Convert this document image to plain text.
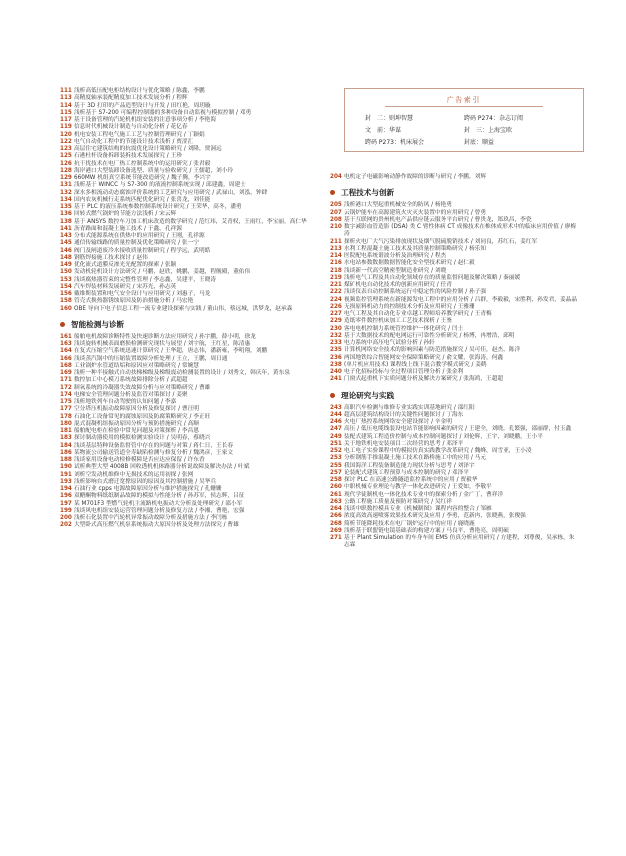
广告索引
封　二：则坤智慧	跨码 P274：杂志订阅
文　前：华谋	封　三：上海宝欧
跨码 P273：机床展会	封底：顺益
111 浅析高低压配电柜结构设计与优化策略 / 陈鑫，李鹏
113 高精度轴承装配精度加工技术发展分析 / 程辉
114 基于 3D 打印的产品造型设计与开发 / 田红艳，周玥璇
115 浅析基于 S7-200 可编程控制器的多种设备自动监视与模拟控制 / 邓勇
117 基于设备管理的汽轮机机组安装的注意事项分析 / 李艳海
119 信息时代机械设计制造与自动化分析 / 花亿春
120 机电安装工程电气施工工艺与控制管理研究 / 丁颖娟
122 电气自动化工程中的节能设计技术浅析 / 贾涩汇
123 高层住宅建筑结构的抗震优化设计策略研究 / 刘隆，贾洞远
125 石港杜杆设备拆卸装拆技术发展探究 / 王珍
126 抗干扰技术在电厂热工控制系统中的运用研究 / 张君毅
128 海岸港口大型装卸设备选型、质量与验收研究 / 王儒超，刘小玲
129 660MW 机组真空系统节能改造研究 / 魏子腾，李兴宇
131 浅析基于 WINCC 与 S7-300 的液流控制系统实现 / 邱建鑫，周建士
132 深水多相流动动态腐蚀评价系统的工艺研究与应用研究 / 武禄山，刘泓，钟肆
134 国内农灰机械行走系统匹配优化研究 / 张喜龙，刘佳能
135 基于 PLC 的液压系统参数控制系统设计研究 / 王荣华，高冬，潘勇
136 回转式燃气锅炉的节能方法浅析 / 宋云辉
138 基于 ANSYS 数控车刀加工机床改造的数学研究 / 范红玮，艾青权，王雨红，李宝丽，高仁华
141 沥青路面和混凝土施工技术 / 于鑫，孔祥源
143 分布式能源系统在供热中的应用研究 / 王刚，孔祥源
145 通信传输线路的质量控制及优化策略研究 / 张一宁
146 阀门及闸道废冷水接收质量控制研究 / 程学远，武明皓
148 钢筋焊接施工技术探讨 / 赵伟
149 优化流式道膜反渗光光配置的探索 / 张颖
150 发动机轮机设计方法研究 / 马鹏，赵欣，姚鹏，姜越，程舰殿，董佑伟
153 浅谈腐热器管束的完整性管理 / 李志鑫，吴建平，王晓涛
154 汽车焊装材料发展研究 / 宋苏光，孙志英
156 戴维斯装置和电气安全设计与应用研究 / 刘惠子，马龙
158 管壳式换热器锈蚀原因及防治措施分析 / 马宏艳
160 OBE 导向下电子信息工程一流专业建设探索与实践 / 董山伟，蔡远城，洪梦龙，赵承森
智能检测与诊断
161 船舶电机故障诊断特性及快速诊断方法应用研究 / 孙宇鹏，薛小明，徐龙
163 浅谈旋转机械表面磨损检测研究现状与展望 / 刘宇航，王红星，陈清惠
164 在复式压缩空气系统迅速计算研究 / 王华超，唐志伟，潘新雍，李明翔，刘鹏
166 浅谈蒸汽锅中的压缩装置故障分析处理 / 王立，王鹏，周日通
168 工业锅炉水管道结垢和原因应对策略研究 / 常婉慧
169 浅析一种半接触式自动扶梯梯级及梯级震动检测装置的设计 / 刘秀文，韩庆年，黄东泉
171 数控加工中心模刀系统故障排除分析 / 武超超
172 制氧系统的冷凝器失效故障分析与应对策略研究 / 曹雄
174 电梯安全管理问题分析及监管对策探讨 / 姜聚
175 浅析地铁列车自动驾驶的认知问题 / 李嘉
177 空分塔压机振动故障原因分析及修复探讨 / 曹汪明
178 石油化工设备常见的腐蚀原因及防腐策略研究 / 李正旺
180 混式混凝机组振动原因分析与预防措施研究 / 高顺
181 船舶配电柜在检验中常见问题及对策探析 / 李昌恩
183 探讨制动器使用的模拟检测实验设计 / 吴明春，蔡晓兴
184 浅谈基层特种设备监督管中存在的问题与对策 / 蒋仁日，王长春
186 某物流公司输送管道全寿缺陷检测与修复分析 / 魏鸿彦，王家文
188 浅谈家用设备电动检修模障是否应达应保留 / 许东香
190 试析典型大型 4008B 回收透机机体路器分析说故障及解决办法 / 叶斌
191 刘析空发动机维修中无损技术的运用初探 / 张网
193 浅析影响台式磨迁宽撑原因的原因及其控制措施 / 吴华兵
194 石油行业 cpps 电源故障原因分析与维护措施探究 / 孔姗姗
196 双醋酮物料纸纸制品故障的模拟与性能分析 / 孙苏军，侯志辉，吕征
197 某 M701F3 型燃气轮机主流路机电振动大分析及处理研究 / 邵小军
199 浅谈风电机组安装运营管理问题分析及修复方法 / 李湘，曹艳，宏强
200 浅析石化装置中汽轮机异常振动故障分析及措施方法 / 李闫栋
202 大型卧式高压燃气机泵系统振动大原因分析及处理方法探究 / 曹雄
204 电机定子电磁影响动静作故障的诊断与研究 / 李鹏，刘辉
工程技术与创新
205 浅析港口大型起重机械安全的防风 / 杨艳勇
207 云锅炉能车在高源建筑火灾灭火装置中的应用研究 / 曾勇
208 基于互联网的贵州机电产品供应链云服务平台研究 / 曹贵龙，郑玖昌，李瓷
210 数字减影血管造影 (DSA) 类 C 臂性体病 CT 成像技术在椎体成形术中的临床应用价值 / 廖梅涛
211 探析火电厂大气污染排放现状及烟气脱硫脱销技术 / 刘同良，苏红石，姜红军
213 水利工程混凝土施工技术及其质量控制策略研究 / 杨乐知
214 医院配电系统谐波分析及治理研究 / 程杰
216 水电站参数数据数据智能化安全型技术研究 / 赵仁毅
218 浅谈新一代高空精密型制造业研究 / 刘晓
219 浅析电气工程及其自动化领域存在的质量监督问题及解决策略 / 秦丽媛
221 煤矿机电自动化技术的创新应用研究 / 任青
222 浅谈仪表自动控制系统运行中稳定性的风险控制 / 孙子强
224 视频监控管理系统在新能源发电工程中的应用分析 / 吕群，李毅毅，宋胜利，孙发君，姜晶晶
226 无损原料机动力的控制技术分析及应用研究 / 王雅珊
227 电气工程及其自动化专业卓越工程师培养教学研究 / 王青梅
229 造纸零件数控机床加工工艺技术探析 / 王崟
230 客电电机控制力系统管控维护一体化研究 / 闫士
232 基于大数据技术的配电网运行可靠性分析研究 / 杨博，冉增浩，邱明
233 电力系统中高压电气试验分析 / 孙轩
235 计算机网络安全技术的影响因素与防范措施探究 / 吴可佳，赵杰，陈洋
236 两国地铁综合智能网安全保障策略研究 / 俞文耀，张海涛，何鑫
238 (单片机应用技术) 课程线上线下混合教学模式研究 / 姜鹤
240 电子化招标投标与全过程项目管理分析 / 张金利
241 门窗式起重机下实质问题分析及解决方案研究 / 张海鸿，王超超
理论研究与实践
243 高职汽车检测与维修专业实践实训基地研究 / 邵红阳
244 超高层建筑结构设计的关键性问题探讨 / 丁海东
246 火电厂热控系统网络安全建设探讨 / 辛金明
247 高压 / 低压电缆线装设电站节能影响因素的研究 / 王建全，刘晓，孔繁强，邵丽群，付玉鑫
249 装配式建筑工程造价控制与成本控制问题探讨 / 刘伦辉，王宇，刘晓鹏，王小平
251 关于地铁机电安装项目二次经营的思考 / 邓泽平
252 电工电子实验课程中的模拟仿真实践教学改革研究 / 魏峰，周雪亚，王小凌
253 分析钢筋手推混凝土施工技术在路桥施工中的应用 / 马元
255 我国海洋工程装备制造能力现状分析与思考 / 刘泽宇
257 论装配式建筑工程预算与成本控制的研究 / 邓泽平
258 探讨 PLC 在高速公路隧道监控系统中的应用 / 贾毅华
260 中职机械专业理论与教学一体化改进研究 / 王爱如，李敬平
261 现代学徒制机电一体化技术专业中的探索分析 / 金广丁，曹祥洋
263 公路工程施工质量及预防对策研究 / 吴红祥
264 浅谈中职数控模具专业《机械制图》课程内容的整合 / 邹雁
266 浓度高效高速喷雾效果技术研究及应用 / 李勇，范新冉，张晓燕，张俊强
268 简析节能降耗技术在电厂锅炉运行中的应用 / 鹿晓鹿
269 浅析基于联盟链电镜基础表的构建方案 / 马良平，曹艳亮，周明硕
271 基于 Plant Simulation 的车身车间 EMS 仿真分析应用研究 / 方建程，刘尊俊，吴承栋，朱志霖
